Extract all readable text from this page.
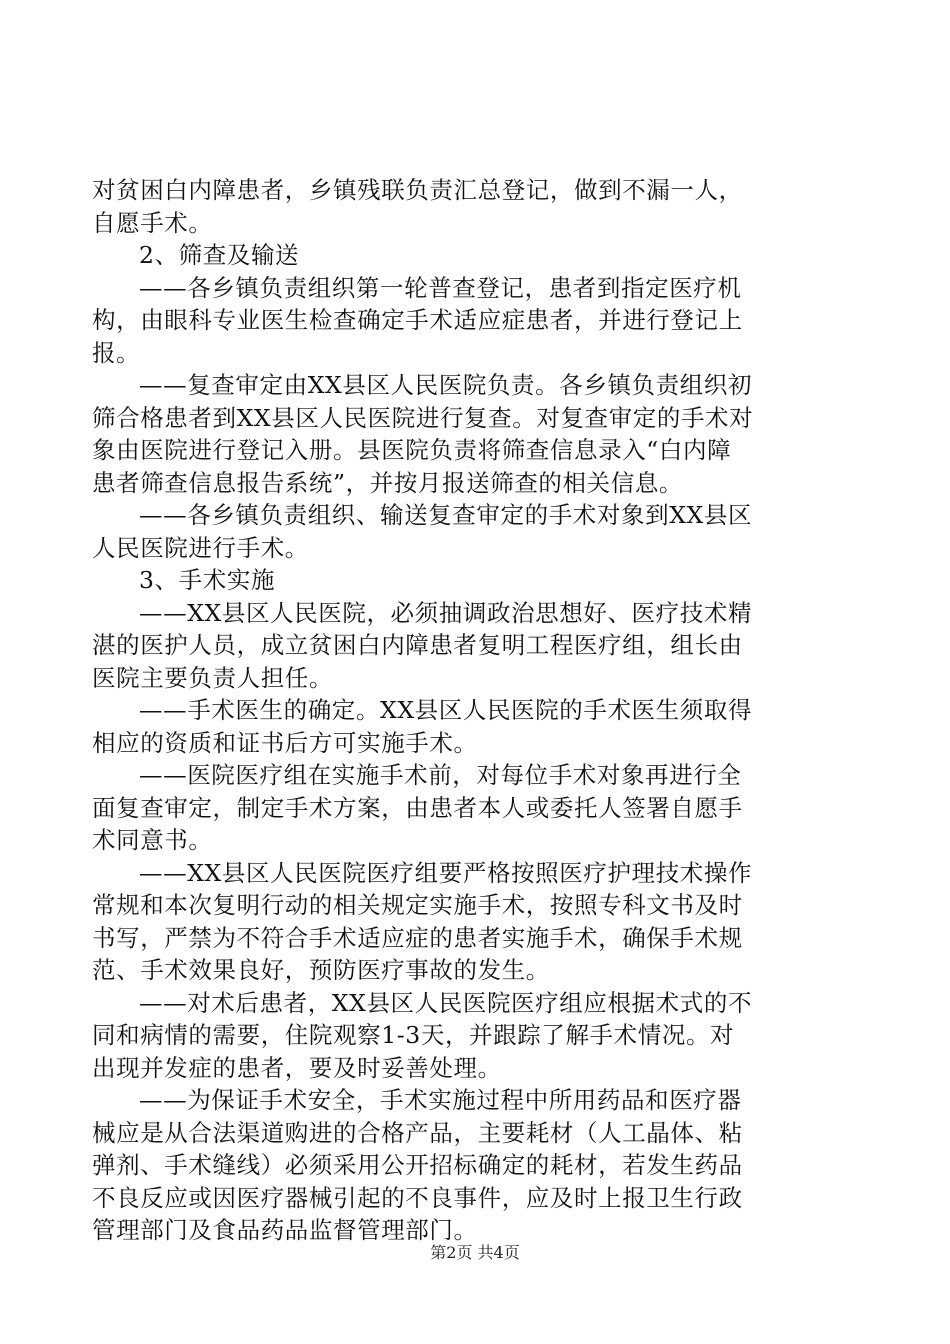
对贫困白内障患者，乡镇残联负责汇总登记，做到不漏一人，
自愿手术。
2、筛查及输送
——各乡镇负责组织第一轮普查登记，患者到指定医疗机
构，由眼科专业医生检查确定手术适应症患者，并进行登记上
报。
——复查审定由XX县区人民医院负责。各乡镇负责组织初
筛合格患者到XX县区人民医院进行复查。对复查审定的手术对
象由医院进行登记入册。县医院负责将筛查信息录入“白内障
患者筛查信息报告系统”，并按月报送筛查的相关信息。
——各乡镇负责组织、输送复查审定的手术对象到XX县区
人民医院进行手术。
3、手术实施
——XX县区人民医院，必须抽调政治思想好、医疗技术精
湛的医护人员，成立贫困白内障患者复明工程医疗组，组长由
医院主要负责人担任。
——手术医生的确定。XX县区人民医院的手术医生须取得
相应的资质和证书后方可实施手术。
——医院医疗组在实施手术前，对每位手术对象再进行全
面复查审定，制定手术方案，由患者本人或委托人签署自愿手
术同意书。
——XX县区人民医院医疗组要严格按照医疗护理技术操作
常规和本次复明行动的相关规定实施手术，按照专科文书及时
书写，严禁为不符合手术适应症的患者实施手术，确保手术规
范、手术效果良好，预防医疗事故的发生。
——对术后患者，XX县区人民医院医疗组应根据术式的不
同和病情的需要，住院观察1-3天，并跟踪了解手术情况。对
出现并发症的患者，要及时妥善处理。
——为保证手术安全，手术实施过程中所用药品和医疗器
械应是从合法渠道购进的合格产品，主要耗材（人工晶体、粘
弹剂、手术缝线）必须采用公开招标确定的耗材，若发生药品
不良反应或因医疗器械引起的不良事件，应及时上报卫生行政
管理部门及食品药品监督管理部门。
第2页 共4页
